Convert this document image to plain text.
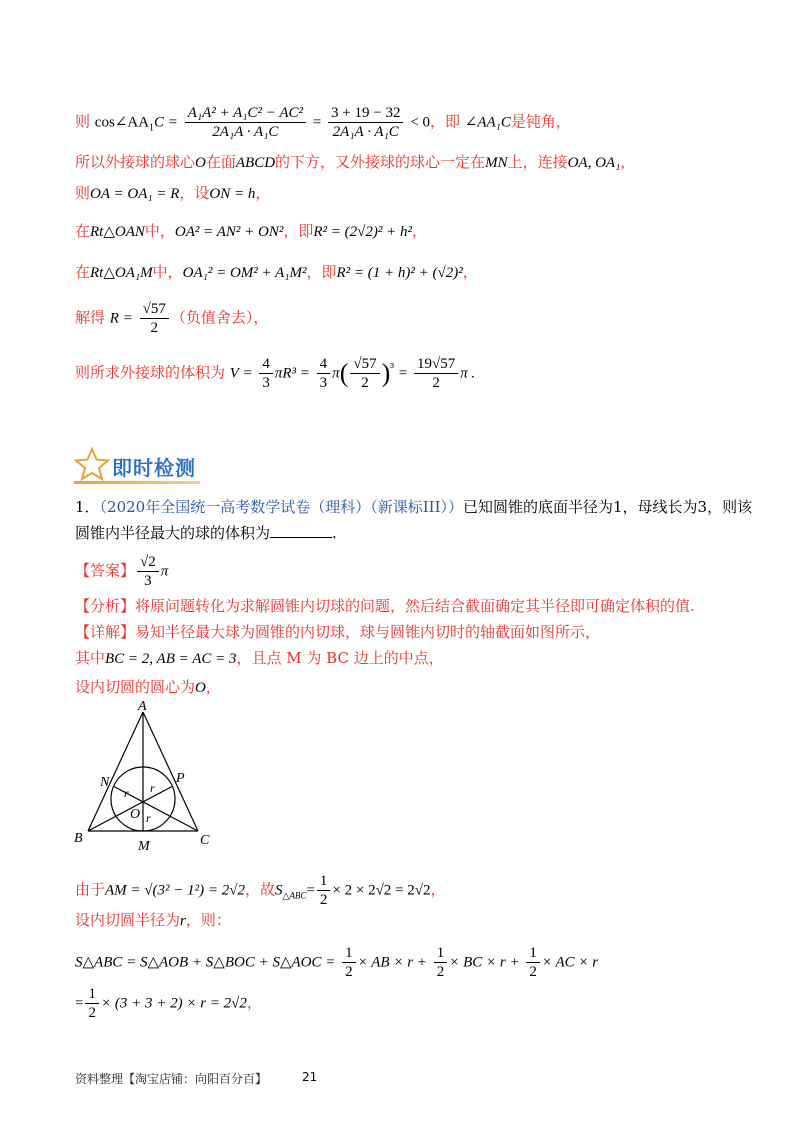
则 $\cos\angle AA_1C = \frac{\text{A₁A² + A₁C² − AC²}}{\text{2A₁A · A₁C}} = \frac{3 + 19 - 32}{\text{2A₁A · A₁C}} < 0$，即 ∠AA₁C是钝角，
所以外接球的球心O在面ABCD的下方，又外接球的球心一定在MN上，连接OA, OA₁，
则OA = OA₁ = R，设ON = h，
在Rt△OAN中，OA² = AN² + ON²，即R² = (2√2)² + h²，
在Rt△OA₁M中，OA₁² = OM² + A₁M²，即R² = (1 + h)² + (√2)²，
解得 $R = \frac{√57}{2}$ （负值舍去），
则所求外接球的体积为 $V = \frac{4}{3} \pi R^3 = \frac{4}{3} \pi( \frac{√57}{2} )^{^3} = \frac{19√57}{2}$ π .
即时检测
1．（2020年全国统一高考数学试卷（理科）（新课标III））已知圆锥的底面半径为1，母线长为3，则该
圆锥内半径最大的球的体积为	.
【答案】 $\frac{√2}{3}$ π
【分析】将原问题转化为求解圆锥内切球的问题，然后结合截面确定其半径即可确定体积的值.
【详解】易知半径最大球为圆锥的内切球，球与圆锥内切时的轴截面如图所示，
其中BC = 2, AB = AC = 3，且点 M 为 BC 边上的中点，
设内切圆的圆心为O，
A
B	C
M
N	P
O
r r
r
由于AM = √(3² − 1²) = 2√2，故$S_{\triangle ABC}= \frac{1}{2} \times 2 \times 2√2 = 2√2$，
设内切圆半径为r，则：
S△ABC = S△AOB + S△BOC + S△AOC = $\frac{1}{2}$ × AB × $r + \frac{1}{2}$ × BC × $r + \frac{1}{2}$ × AC × r
= $\frac{1}{2} \times (3 + 3 + 2) \times r = 2√2$，
资料整理【淘宝店铺：向阳百分百】	21
